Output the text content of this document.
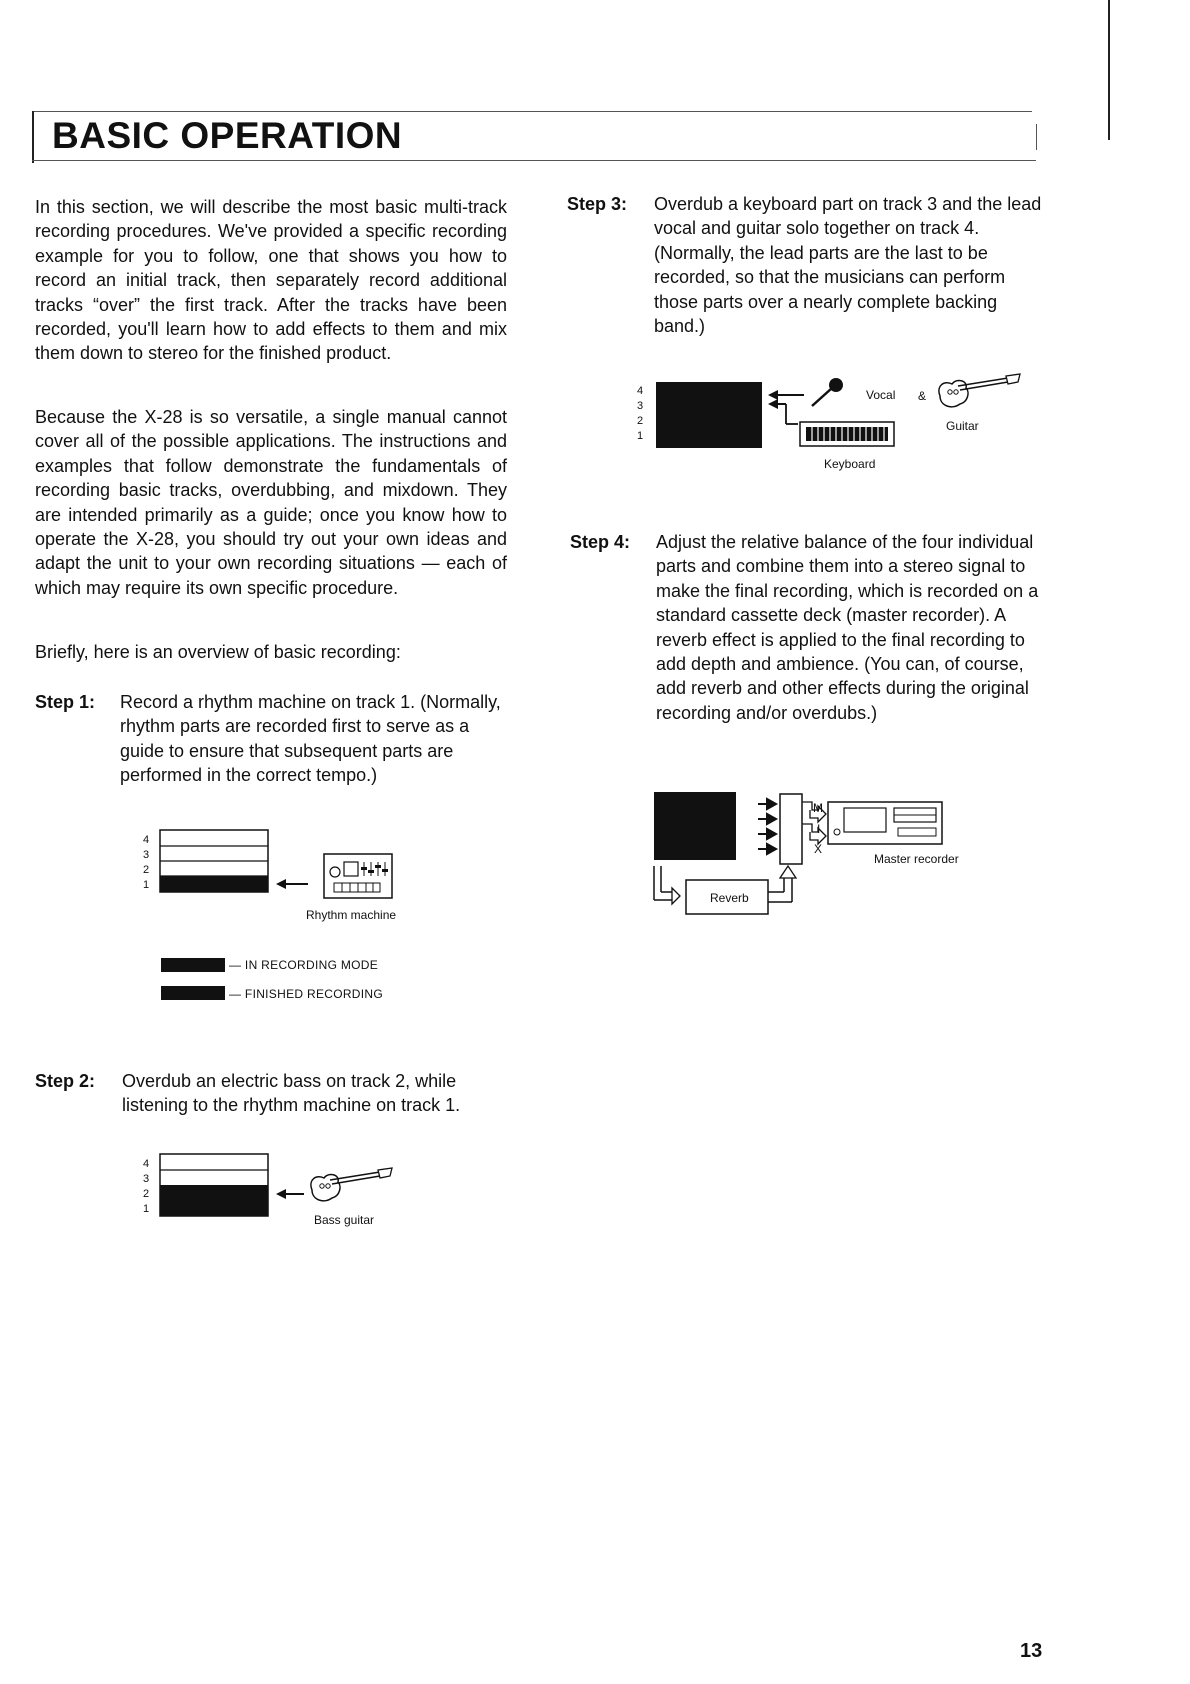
BASIC OPERATION

In this section, we will describe the most basic multi-track recording procedures. We've provided a specific recording example for you to follow, one that shows you how to record an initial track, then separately record additional tracks “over” the first track. After the tracks have been recorded, you'll learn how to add effects to them and mix them down to stereo for the finished product.

Because the X-28 is so versatile, a single manual cannot cover all of the possible applications. The instructions and examples that follow demonstrate the fundamentals of recording basic tracks, overdubbing, and mixdown. They are intended primarily as a guide; once you know how to operate the X-28, you should try out your own ideas and adapt the unit to your own recording situations — each of which may require its own specific procedure.

Briefly, here is an overview of basic recording:

Step 1: Record a rhythm machine on track 1. (Normally, rhythm parts are recorded first to serve as a guide to ensure that subsequent parts are performed in the correct tempo.)

4
3
2
1
Rhythm machine
— IN RECORDING MODE
— FINISHED RECORDING

Step 2: Overdub an electric bass on track 2, while listening to the rhythm machine on track 1.

4
3
2
1
Bass guitar

Step 3: Overdub a keyboard part on track 3 and the lead vocal and guitar solo together on track 4. (Normally, the lead parts are the last to be recorded, so that the musicians can perform those parts over a nearly complete backing band.)

4
3
2
1
Vocal &
Guitar
Keyboard

Step 4: Adjust the relative balance of the four individual parts and combine them into a stereo signal to make the final recording, which is recorded on a standard cassette deck (master recorder). A reverb effect is applied to the final recording to add depth and ambience. (You can, of course, add reverb and other effects during the original recording and/or overdubs.)

M
I
X
Reverb
Master recorder

13
